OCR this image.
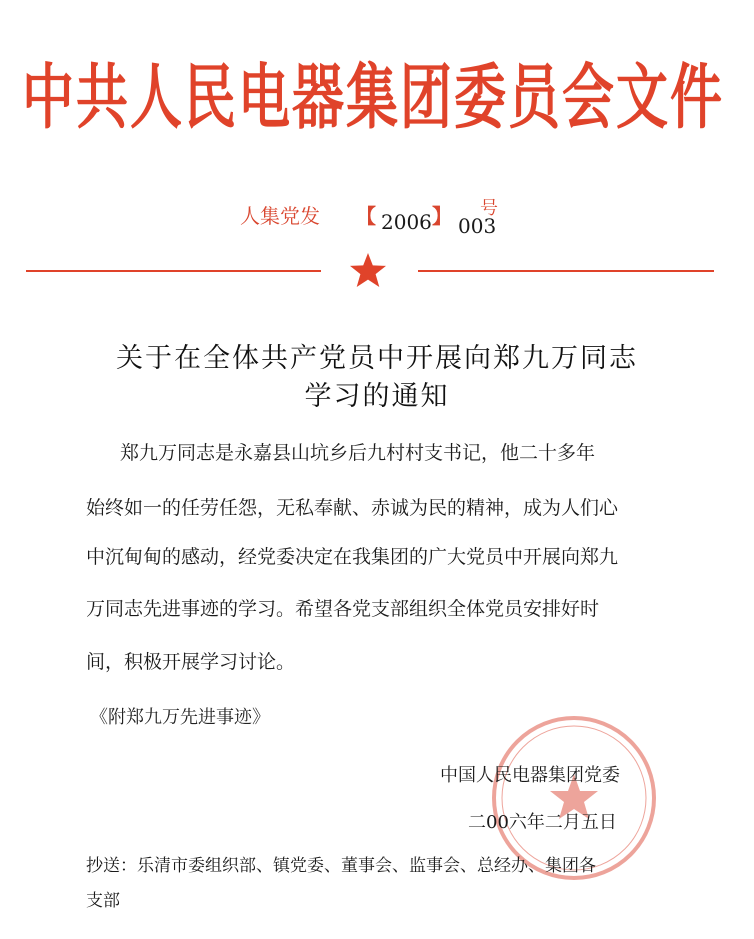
中共人民电器集团委员会文件
人集党发 【 2006 】 号
003
关于在全体共产党员中开展向郑九万同志
学习的通知
郑九万同志是永嘉县山坑乡后九村村支书记，他二十多年
始终如一的任劳任怨，无私奉献、赤诚为民的精神，成为人们心
中沉甸甸的感动，经党委决定在我集团的广大党员中开展向郑九
万同志先进事迹的学习。希望各党支部组织全体党员安排好时
间，积极开展学习讨论。
《附郑九万先进事迹》
中国人民电器集团党委
二00六年二月五日
抄送：乐清市委组织部、镇党委、董事会、监事会、总经办、集团各
支部
